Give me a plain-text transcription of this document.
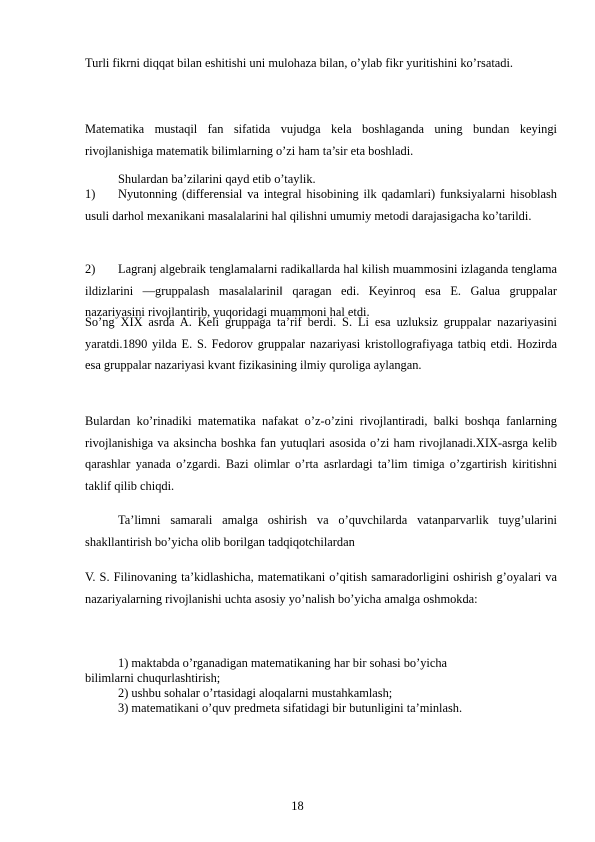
Turli fikrni diqqat bilan eshitishi uni mulohaza bilan, o’ylab fikr yuritishini ko’rsatadi.

Matematika mustaqil fan sifatida vujudga kela boshlaganda uning bundan keyingi rivojlanishiga matematik bilimlarning o’zi ham ta’sir eta boshladi.

Shulardan ba’zilarini qayd etib o’taylik.
1)	Nyutonning (differensial va integral hisobining ilk qadamlari) funksiyalarni hisoblash usuli darhol mexanikani masalalarini hal qilishni umumiy metodi darajasigacha ko’tarildi.

2)	Lagranj algebraik tenglamalarni radikallarda hal kilish muammosini izlaganda tenglama ildizlarini ―gruppalash masalalarini‖ qaragan edi. Keyinroq esa E. Galua gruppalar nazariyasini rivojlantirib, yuqoridagi muammoni hal etdi.

So’ng XIX asrda A. Keli gruppaga ta’rif berdi. S. Li esa uzluksiz gruppalar nazariyasini yaratdi.1890 yilda E. S. Fedorov gruppalar nazariyasi kristollografiyaga tatbiq etdi. Hozirda esa gruppalar nazariyasi kvant fizikasining ilmiy quroliga aylangan.

Bulardan ko’rinadiki matematika nafakat o’z-o’zini rivojlantiradi, balki boshqa fanlarning rivojlanishiga va aksincha boshka fan yutuqlari asosida o’zi ham rivojlanadi.XIX-asrga kelib qarashlar yanada o’zgardi. Bazi olimlar o’rta asrlardagi ta’lim timiga o’zgartirish kiritishni taklif qilib chiqdi.

Ta’limni samarali amalga oshirish va o’quvchilarda vatanparvarlik tuyg’ularini shakllantirish bo’yicha olib borilgan tadqiqotchilardan

V. S. Filinovaning ta’kidlashicha, matematikani o’qitish samaradorligini oshirish g’oyalari va nazariyalarning rivojlanishi uchta asosiy yo’nalish bo’yicha amalga oshmokda:

1) maktabda o’rganadigan matematikaning har bir sohasi bo’yicha
bilimlarni chuqurlashtirish;
2) ushbu sohalar o’rtasidagi aloqalarni mustahkamlash;
3) matematikani o’quv predmeta sifatidagi bir butunligini ta’minlash.
18
